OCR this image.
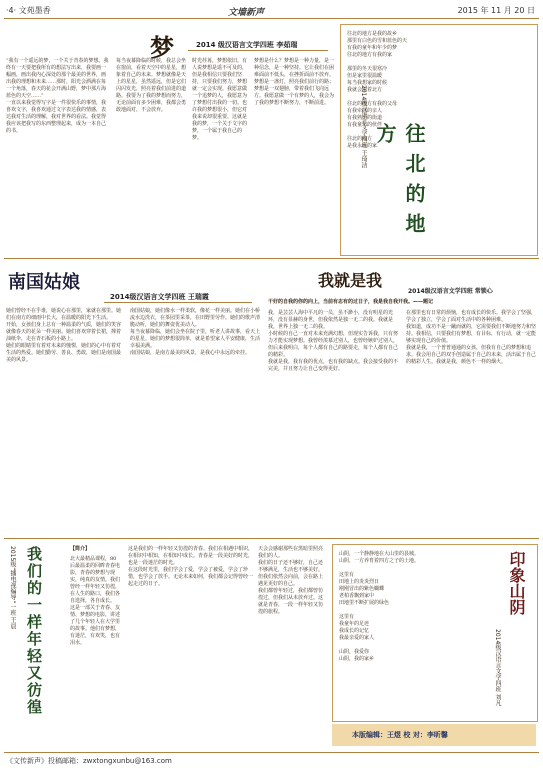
·4· 文苑墨香	文墙新声	2015 年 11 月 20 日
梦	2014 级汉语言文学四班 李茹瑞
“我有一个遥远的梦，一个关于青春的梦想。我终有一天要把我所有的想法写出来，我要画一幅画，画出我内心深处的那个最美的世界，画出我的理想和未来……那时，阳光会洒满在每一个角落，春天的花会开满山野，梦中那片海蓝色的天空……”
一直以来我觉得写字是一件很快乐的事情，我喜欢文字，我喜欢通过文字表达我的情感，表达我对生活的理解，我对世界的看法。我觉得我应该把我写的东西整理起来，成为一本自己的书。
每当夜幕降临的时候，我总会坐在窗前，看着天空中的星星，想象着自己的未来。梦想就像是天上的星星，虽然遥远，但是它们闪闪发光，照亮着我们前进的道路。我要为了我的梦想而努力，无论前面有多少困难，我都会勇敢地面对，不会放弃。
时光荏苒，梦想依旧。有人说梦想是遥不可及的，但是我相信只要我们坚持，只要我们努力，梦想就一定会实现。我愿意做一个追梦的人，我愿意为了梦想付出我的一切。也许我的梦想很小，但它对我来说却很重要。这就是我的梦，一个关于文字的梦，一个属于我自己的梦。
梦想是什么？梦想是一种力量，是一种信念，是一种坚持。它让我们在困难面前不低头，在挫折面前不放弃。梦想是一盏灯，照亮我们前行的路；梦想是一双翅膀，带着我们飞向远方。我愿意做一个有梦的人，我会为了我的梦想不断努力，不断前进。
往北的地方是我的故乡
那里有白色的雪和蓝色的天
有我的童年和年少的梦
往北的地方有我的家

那里的冬天很寒冷
但是家里很温暖
每当我想家的时候
我就会望着北方

往北的地方有我的父母
有我牵挂的亲人
有我熟悉的街道
有我童年的伙伴

往北的地方
是我永远的家
2014级汉语言文学四班 王琦洁	往北的地方
南国姑娘
2014级汉语言文学四班 王瑞霞
她们曾经不在乎谁，她说心在那里，家就在那里。她们在南方的细雨中长大，在温暖的阳光下生活。
开始，女孩们身上总有一种温柔的气质，她们的笑容就像春天的花朵一样美丽。她们喜欢穿着长裙，撑着油纸伞，走在青石板的小路上。
她们的眼睛里有着对未来的憧憬，她们的心中有着对生活的热爱。她们勤劳、善良、勇敢，她们是南国最美的风景。
南国姑娘，她们像水一样柔软，像花一样美丽。她们在小桥流水边洗衣，在茶园里采茶，在田野里劳作。她们的歌声清脆动听，她们的舞姿优美动人。
每当夜幕降临，她们会坐在院子里，听老人讲故事，看天上的星星。她们的梦想很简单，就是希望家人平安健康，生活幸福美满。
南国姑娘，是南方最美的风景，是我心中永远的牵挂。
我就是我
2014级汉语言文学四班 常锁心
干好的自我的你的向上，当前有志有的过日子，我是我自我开我。——题记
我，是芸芸人海中平凡的一员，虽不渺小，没有明星的光环，没有显赫的身世，但我依然是独一无二的我。我就是我，世界上独一无二的我。
小时候的自己一直对未来充满幻想，但现实告诉我，只有努力才能实现梦想。我曾经羡慕过别人，也曾经嫉妒过别人，但后来我明白，每个人都有自己的路要走，每个人都有自己的精彩。
我就是我，我有我的优点，也有我的缺点。我会接受我的不完美，并且努力让自己变得更好。
在那里也有日常的烦恼，也有成长的快乐。我学会了坚强，学会了独立，学会了面对生活中的各种困难。
我知道，成功不是一蹴而就的，它需要我们不断地努力和坚持。我相信，只要我们有梦想，有目标，有行动，就一定能够实现自己的价值。
我就是我，一个普普通通的女孩，但我有自己的梦想和追求。我会用自己的双手创造属于自己的未来，活出属于自己的精彩人生。我就是我，颜色不一样的烟火。
我们的一样年轻又彷徨
2015级“播电视编导”一班 王晨	【简介】
北大最精品课程，80 后最温柔的回眸青春电影，青春的梦想与现实，纯真的友情。我们曾经一样年轻又彷徨，在人生的路口，我们各自选择，各自成长。
这是一部关于青春、友情、梦想的电影，讲述了几个年轻人在大学里的故事。他们有梦想，有迷茫，有欢笑，也有泪水。
这是我们的一样年轻又彷徨的青春。我们在相遇中相识，在相识中相知，在相知中成长。青春是一段美好的时光，也是一段迷茫的时光。
在这段时光里，我们学会了爱，学会了被爱，学会了珍惜，也学会了放手。无论未来如何，我们都会记得曾经一起走过的日子。
天会会感谢那些在黑暗里照亮我们的人。
我们的日子还不够好，自己还不够满足，生活也不够美好。但我们依然会向前，会在路上遇见更好的自己。
我们都曾年轻过，我们都曾彷徨过，但我们从未放弃过。这就是青春，一段一样年轻又彷徨的旅程。
山阴，一个静静地在大山里的县城。
山阴，一方养育着四方之子的土地。

这里有
田地上的炎炎烈日
刚刚冒出的紫色蝴蝶
老柏香飘到家中
田地里不断扩展的绿色

这里有
我童年的足迹
我成长的记忆
我最亲爱的家人

山阴，我爱你
山阴，我的家乡
印象山阴
2014级汉语言文学四班 刘凡
本版编辑：王煜 校 对：李昕馨
《文传新声》投稿邮箱：zwxtongxunbu@163.com
